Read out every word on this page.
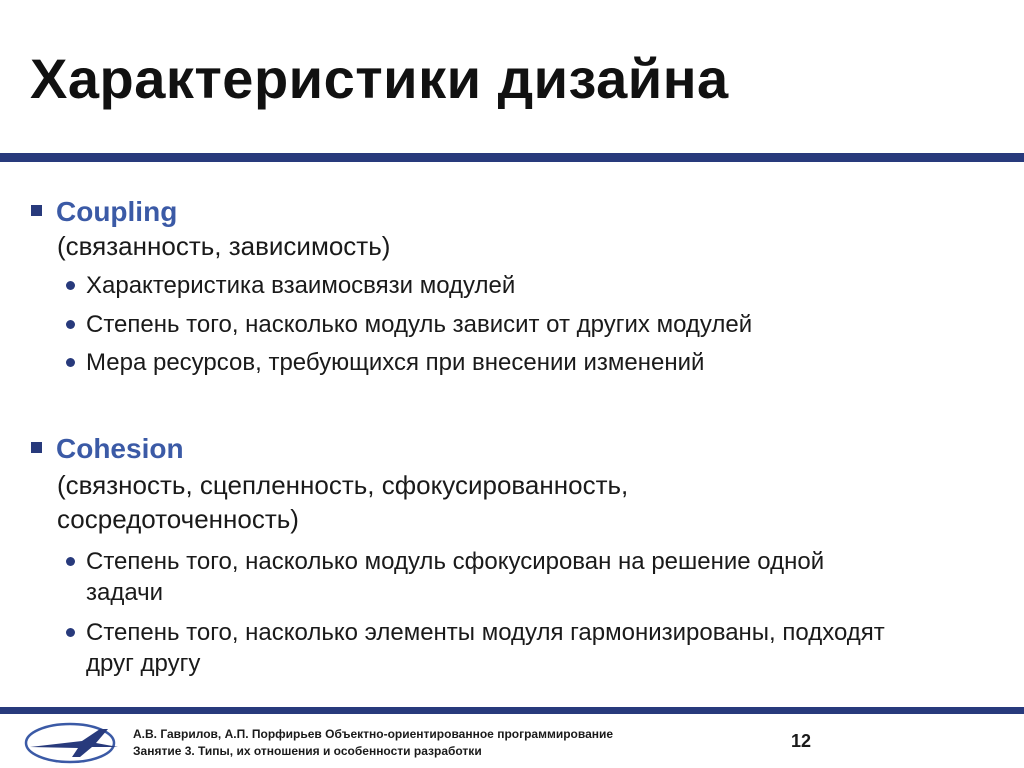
Характеристики дизайна
Coupling
(связанность, зависимость)
Характеристика взаимосвязи модулей
Степень того, насколько модуль зависит от других модулей
Мера ресурсов, требующихся при внесении изменений
Cohesion
(связность, сцепленность, сфокусированность,
сосредоточенность)
Степень того, насколько модуль сфокусирован на решение одной
задачи
Степень того, насколько элементы модуля гармонизированы, подходят
друг другу
А.В. Гаврилов, А.П. Порфирьев Объектно-ориентированное программирование
Занятие 3. Типы, их отношения и особенности разработки	12
